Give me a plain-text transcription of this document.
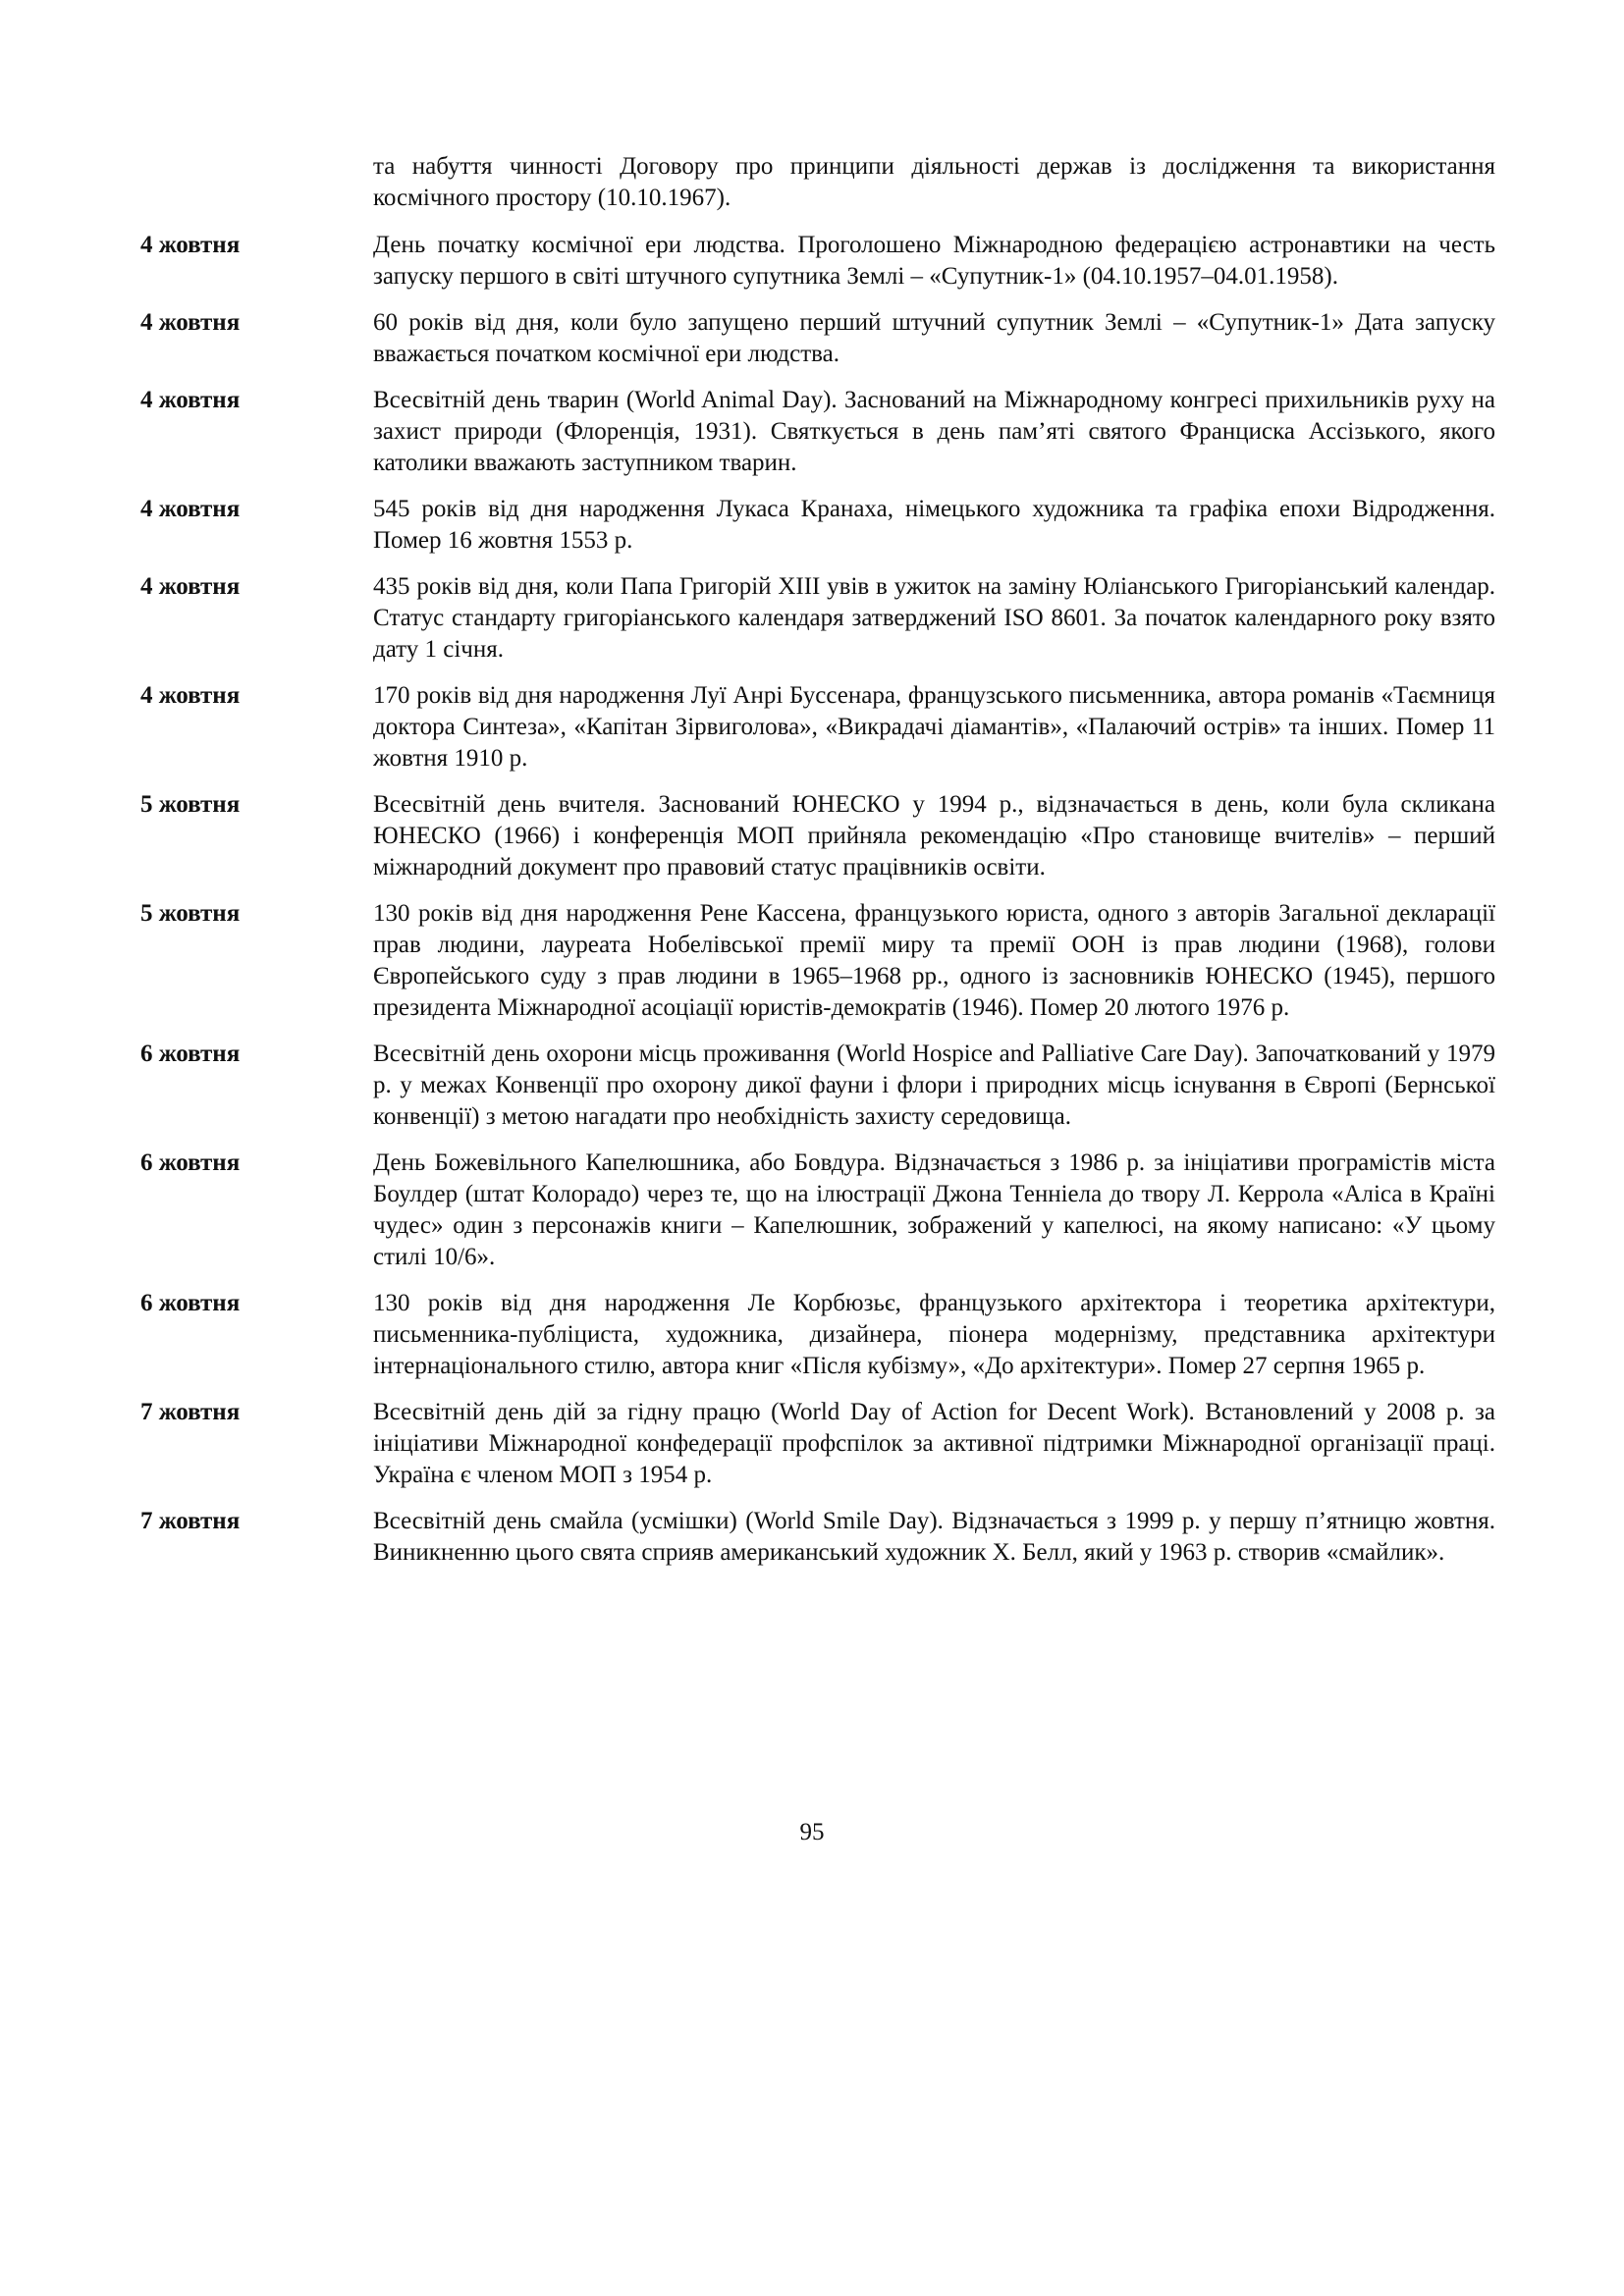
та набуття чинності Договору про принципи діяльності держав із дослідження та використання космічного простору (10.10.1967).
4 жовтня	День початку космічної ери людства. Проголошено Міжнародною федерацією астронавтики на честь запуску першого в світі штучного супутника Землі – «Супутник-1» (04.10.1957–04.01.1958).
4 жовтня	60 років від дня, коли було запущено перший штучний супутник Землі – «Супутник-1» Дата запуску вважається початком космічної ери людства.
4 жовтня	Всесвітній день тварин (World Animal Day). Заснований на Міжнародному конгресі прихильників руху на захист природи (Флоренція, 1931). Святкується в день пам’яті святого Франциска Ассізького, якого католики вважають заступником тварин.
4 жовтня	545 років від дня народження Лукаса Кранаха, німецького художника та графіка епохи Відродження. Помер 16 жовтня 1553 р.
4 жовтня	435 років від дня, коли Папа Григорій XIII увів в ужиток на заміну Юліанського Григоріанський календар. Статус стандарту григоріанського календаря затверджений ISO 8601. За початок календарного року взято дату 1 січня.
4 жовтня	170 років від дня народження Луї Анрі Буссенара, французського письменника, автора романів «Таємниця доктора Синтеза», «Капітан Зірвиголова», «Викрадачі діамантів», «Палаючий острів» та інших. Помер 11 жовтня 1910 р.
5 жовтня	Всесвітній день вчителя. Заснований ЮНЕСКО у 1994 р., відзначається в день, коли була скликана ЮНЕСКО (1966) і конференція МОП прийняла рекомендацію «Про становище вчителів» – перший міжнародний документ про правовий статус працівників освіти.
5 жовтня	130 років від дня народження Рене Кассена, французького юриста, одного з авторів Загальної декларації прав людини, лауреата Нобелівської премії миру та премії ООН із прав людини (1968), голови Європейського суду з прав людини в 1965–1968 рр., одного із засновників ЮНЕСКО (1945), першого президента Міжнародної асоціації юристів-демократів (1946). Помер 20 лютого 1976 р.
6 жовтня	Всесвітній день охорони місць проживання (World Hospice and Palliative Care Day). Започаткований у 1979 р. у межах Конвенції про охорону дикої фауни і флори і природних місць існування в Європі (Бернської конвенції) з метою нагадати про необхідність захисту середовища.
6 жовтня	День Божевільного Капелюшника, або Бовдура. Відзначається з 1986 р. за ініціативи програмістів міста Боулдер (штат Колорадо) через те, що на ілюстрації Джона Тенніела до твору Л. Керрола «Аліса в Країні чудес» один з персонажів книги – Капелюшник, зображений у капелюсі, на якому написано: «У цьому стилі 10/6».
6 жовтня	130 років від дня народження Ле Корбюзьє, французького архітектора і теоретика архітектури, письменника-публіциста, художника, дизайнера, піонера модернізму, представника архітектури інтернаціонального стилю, автора книг «Після кубізму», «До архітектури». Помер 27 серпня 1965 р.
7 жовтня	Всесвітній день дій за гідну працю (World Day of Action for Decent Work). Встановлений у 2008 р. за ініціативи Міжнародної конфедерації профспілок за активної підтримки Міжнародної організації праці. Україна є членом МОП з 1954 р.
7 жовтня	Всесвітній день смайла (усмішки) (World Smile Day). Відзначається з 1999 р. у першу п’ятницю жовтня. Виникненню цього свята сприяв американський художник Х. Белл, який у 1963 р. створив «смайлик».
95
